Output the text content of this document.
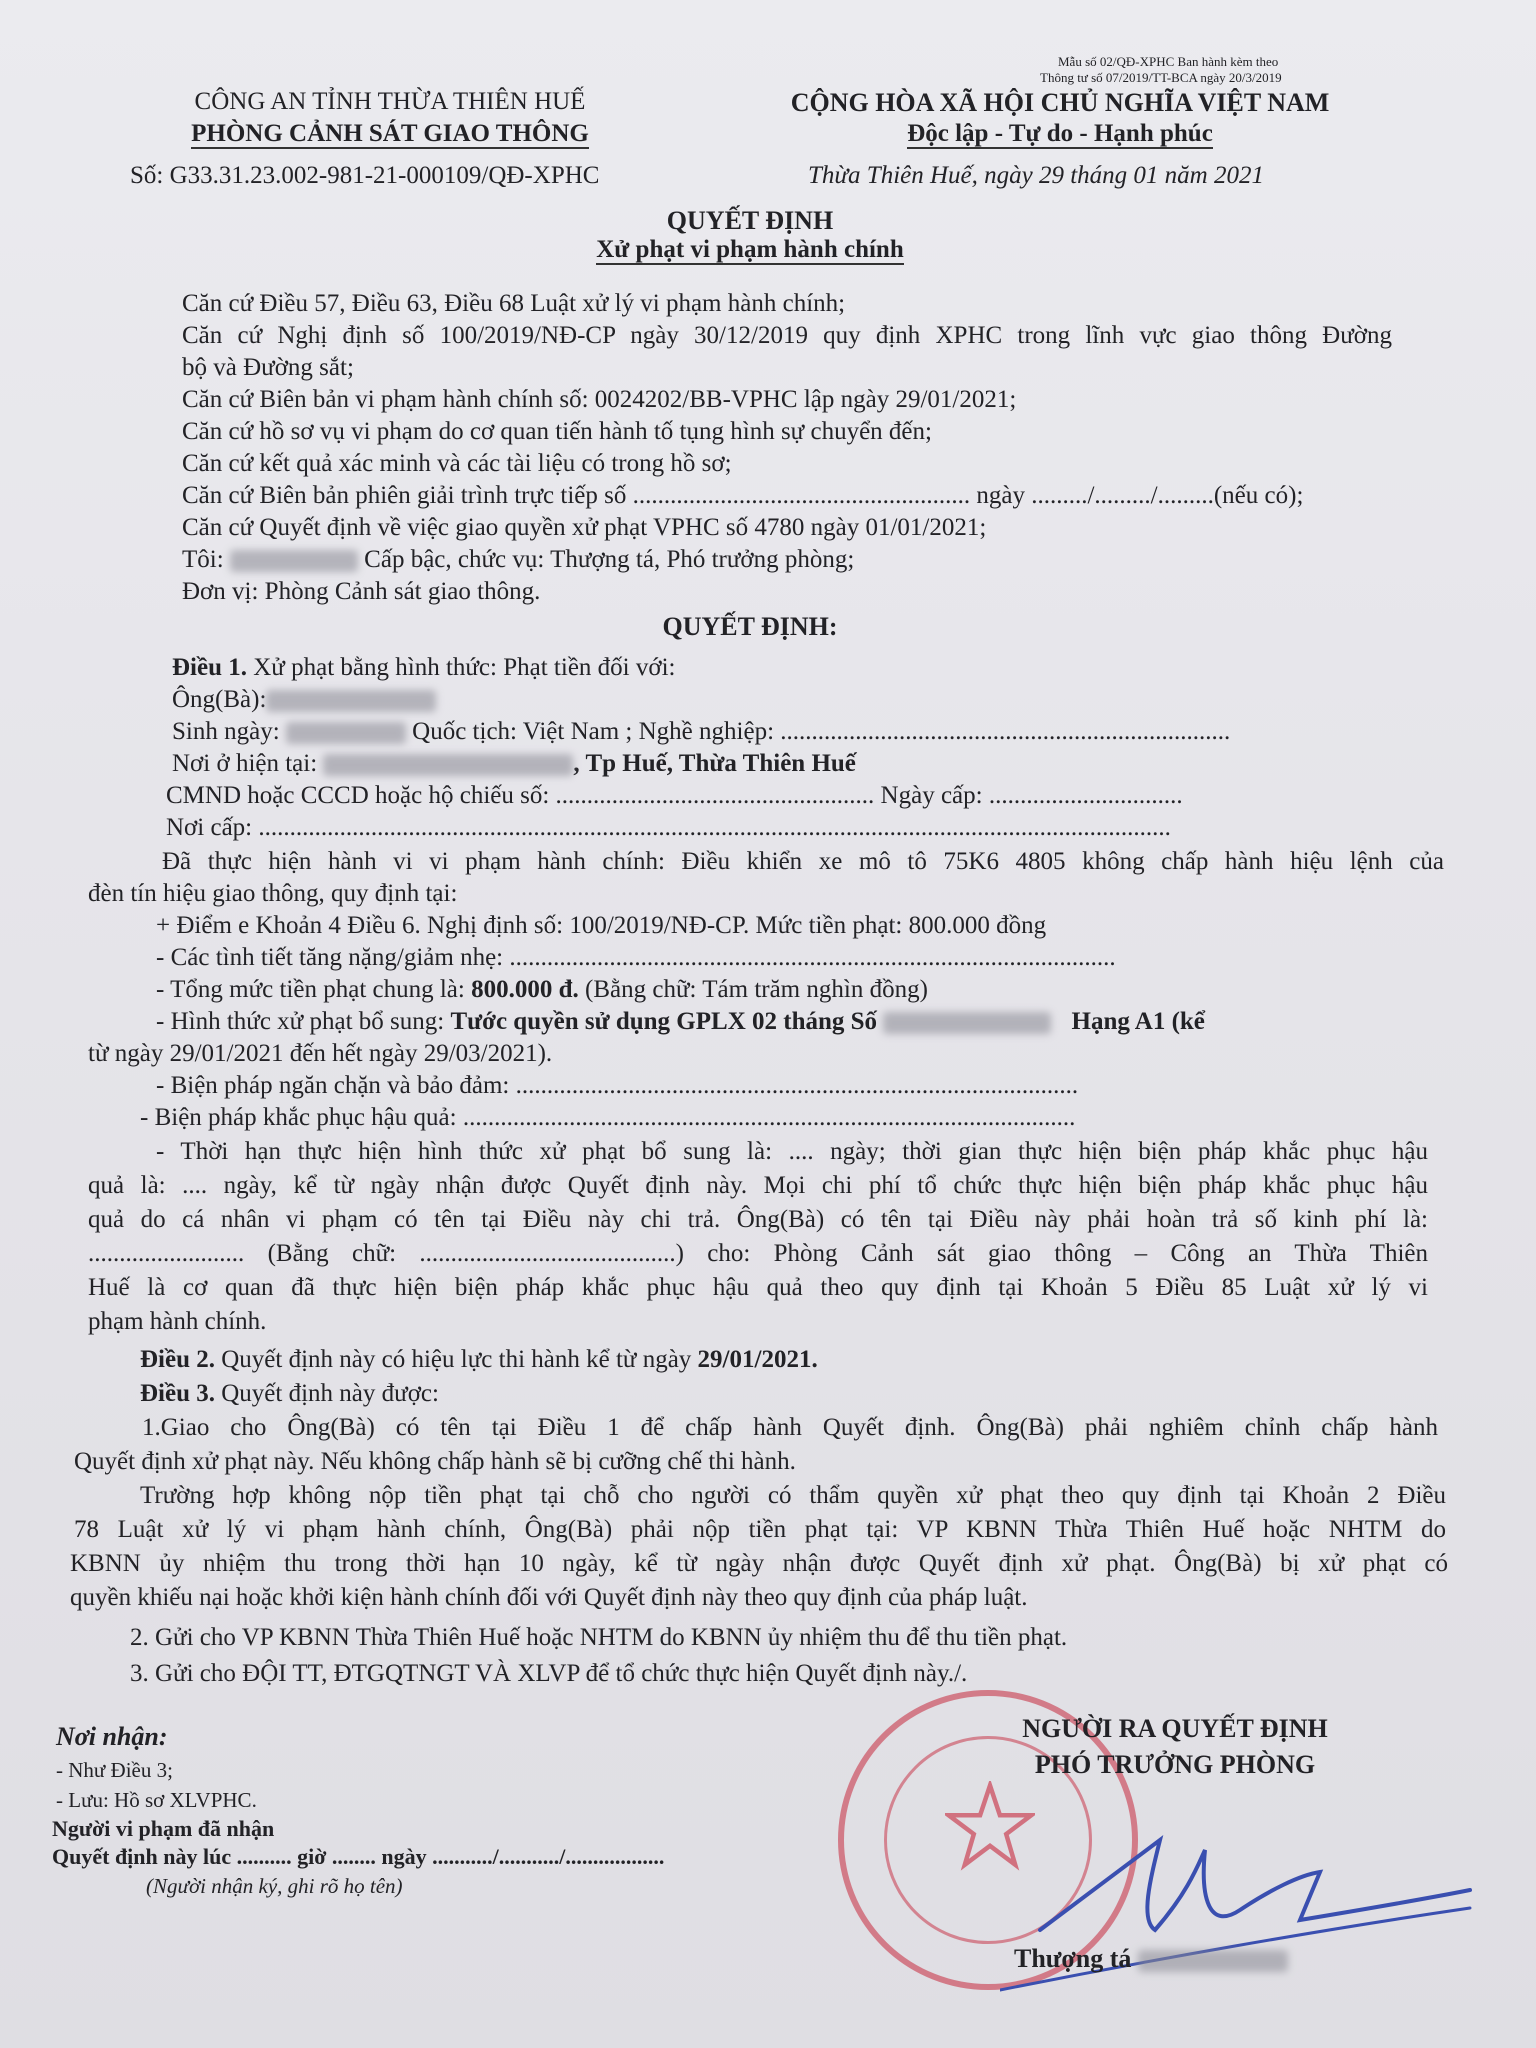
Mẫu số 02/QĐ-XPHC Ban hành kèm theo
Thông tư số 07/2019/TT-BCA ngày 20/3/2019
CÔNG AN TỈNH THỪA THIÊN HUẾ
PHÒNG CẢNH SÁT GIAO THÔNG
Số: G33.31.23.002-981-21-000109/QĐ-XPHC
CỘNG HÒA XÃ HỘI CHỦ NGHĨA VIỆT NAM
Độc lập - Tự do - Hạnh phúc
Thừa Thiên Huế, ngày 29 tháng 01 năm 2021
QUYẾT ĐỊNH
Xử phạt vi phạm hành chính
Căn cứ Điều 57, Điều 63, Điều 68 Luật xử lý vi phạm hành chính;
Căn cứ Nghị định số 100/2019/NĐ-CP ngày 30/12/2019 quy định XPHC trong lĩnh vực giao thông Đường
bộ và Đường sắt;
Căn cứ Biên bản vi phạm hành chính số: 0024202/BB-VPHC lập ngày 29/01/2021;
Căn cứ hồ sơ vụ vi phạm do cơ quan tiến hành tố tụng hình sự chuyển đến;
Căn cứ kết quả xác minh và các tài liệu có trong hồ sơ;
Căn cứ Biên bản phiên giải trình trực tiếp số ...................................................... ngày ........./........./.........(nếu có);
Căn cứ Quyết định về việc giao quyền xử phạt VPHC số 4780 ngày 01/01/2021;
Tôi:	Cấp bậc, chức vụ: Thượng tá, Phó trưởng phòng;
Đơn vị: Phòng Cảnh sát giao thông.
QUYẾT ĐỊNH:
Điều 1. Xử phạt bằng hình thức: Phạt tiền đối với:
Ông(Bà):
Sinh ngày:	Quốc tịch: Việt Nam ; Nghề nghiệp: ........................................................................
Nơi ở hiện tại:	, Tp Huế, Thừa Thiên Huế
CMND hoặc CCCD hoặc hộ chiếu số: ................................................... Ngày cấp: ...............................
Nơi cấp: ..................................................................................................................................................
Đã thực hiện hành vi vi phạm hành chính: Điều khiển xe mô tô 75K6 4805 không chấp hành hiệu lệnh của
đèn tín hiệu giao thông, quy định tại:
+ Điểm e Khoản 4 Điều 6. Nghị định số: 100/2019/NĐ-CP. Mức tiền phạt: 800.000 đồng
- Các tình tiết tăng nặng/giảm nhẹ: .................................................................................................
- Tổng mức tiền phạt chung là: 800.000 đ. (Bằng chữ: Tám trăm nghìn đồng)
- Hình thức xử phạt bổ sung: Tước quyền sử dụng GPLX 02 tháng Số	Hạng A1 (kể
từ ngày 29/01/2021 đến hết ngày 29/03/2021).
- Biện pháp ngăn chặn và bảo đảm: ..........................................................................................
- Biện pháp khắc phục hậu quả: ..................................................................................................
- Thời hạn thực hiện hình thức xử phạt bổ sung là: .... ngày; thời gian thực hiện biện pháp khắc phục hậu
quả là: .... ngày, kể từ ngày nhận được Quyết định này. Mọi chi phí tổ chức thực hiện biện pháp khắc phục hậu
quả do cá nhân vi phạm có tên tại Điều này chi trả. Ông(Bà) có tên tại Điều này phải hoàn trả số kinh phí là:
......................... (Bằng chữ: .........................................) cho: Phòng Cảnh sát giao thông – Công an Thừa Thiên
Huế là cơ quan đã thực hiện biện pháp khắc phục hậu quả theo quy định tại Khoản 5 Điều 85 Luật xử lý vi
phạm hành chính.
Điều 2. Quyết định này có hiệu lực thi hành kể từ ngày 29/01/2021.
Điều 3. Quyết định này được:
1.Giao cho Ông(Bà) có tên tại Điều 1 để chấp hành Quyết định. Ông(Bà) phải nghiêm chỉnh chấp hành
Quyết định xử phạt này. Nếu không chấp hành sẽ bị cưỡng chế thi hành.
Trường hợp không nộp tiền phạt tại chỗ cho người có thẩm quyền xử phạt theo quy định tại Khoản 2 Điều
78 Luật xử lý vi phạm hành chính, Ông(Bà) phải nộp tiền phạt tại: VP KBNN Thừa Thiên Huế hoặc NHTM do
KBNN ủy nhiệm thu trong thời hạn 10 ngày, kể từ ngày nhận được Quyết định xử phạt. Ông(Bà) bị xử phạt có
quyền khiếu nại hoặc khởi kiện hành chính đối với Quyết định này theo quy định của pháp luật.
2. Gửi cho VP KBNN Thừa Thiên Huế hoặc NHTM do KBNN ủy nhiệm thu để thu tiền phạt.
3. Gửi cho ĐỘI TT, ĐTGQTNGT VÀ XLVP để tổ chức thực hiện Quyết định này./.
Nơi nhận:
- Như Điều 3;
- Lưu: Hồ sơ XLVPHC.
Người vi phạm đã nhận
Quyết định này lúc .......... giờ ........ ngày .........../.........../..................
(Người nhận ký, ghi rõ họ tên)
NGƯỜI RA QUYẾT ĐỊNH
PHÓ TRƯỞNG PHÒNG
Thượng tá
